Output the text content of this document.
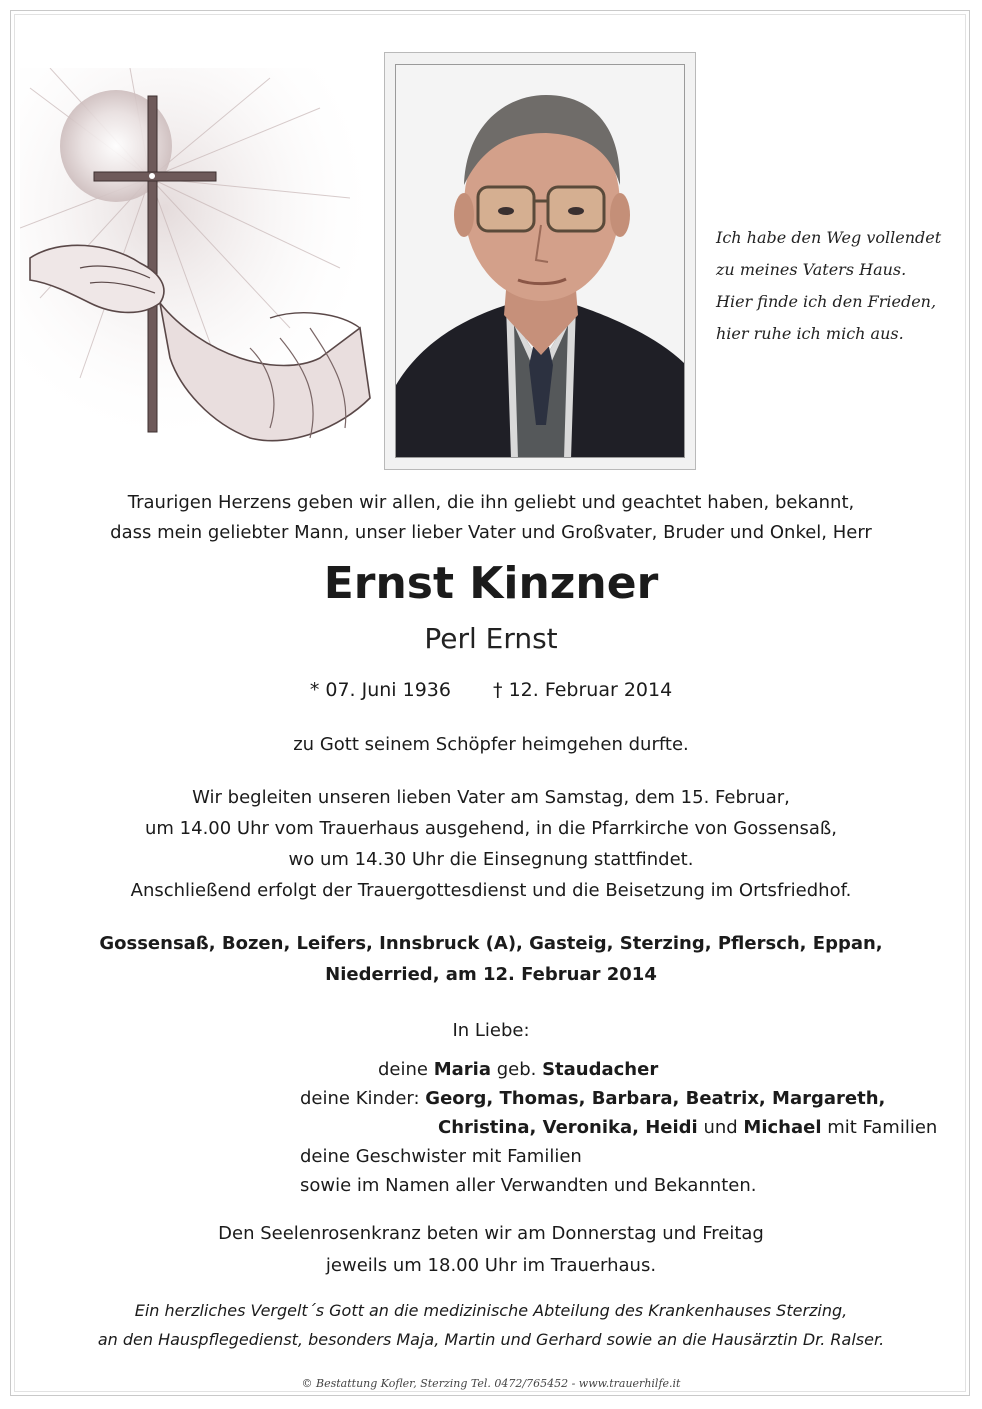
Ich habe den Weg vollendet
zu meines Vaters Haus.
Hier finde ich den Frieden,
hier ruhe ich mich aus.
Traurigen Herzens geben wir allen, die ihn geliebt und geachtet haben, bekannt,
dass mein geliebter Mann, unser lieber Vater und Großvater, Bruder und Onkel, Herr
Ernst Kinzner
Perl Ernst
* 07. Juni 1936 † 12. Februar 2014
zu Gott seinem Schöpfer heimgehen durfte.
Wir begleiten unseren lieben Vater am Samstag, dem 15. Februar,
um 14.00 Uhr vom Trauerhaus ausgehend, in die Pfarrkirche von Gossensaß,
wo um 14.30 Uhr die Einsegnung stattfindet.
Anschließend erfolgt der Trauergottesdienst und die Beisetzung im Ortsfriedhof.
Gossensaß, Bozen, Leifers, Innsbruck (A), Gasteig, Sterzing, Pflersch, Eppan,
Niederried, am 12. Februar 2014
In Liebe:
deine Maria geb. Staudacher
deine Kinder: Georg, Thomas, Barbara, Beatrix, Margareth,
Christina, Veronika, Heidi und Michael mit Familien
deine Geschwister mit Familien
sowie im Namen aller Verwandten und Bekannten.
Den Seelenrosenkranz beten wir am Donnerstag und Freitag
jeweils um 18.00 Uhr im Trauerhaus.
Ein herzliches Vergelt´s Gott an die medizinische Abteilung des Krankenhauses Sterzing,
an den Hauspflegedienst, besonders Maja, Martin und Gerhard sowie an die Hausärztin Dr. Ralser.
© Bestattung Kofler, Sterzing Tel. 0472/765452 - www.trauerhilfe.it
